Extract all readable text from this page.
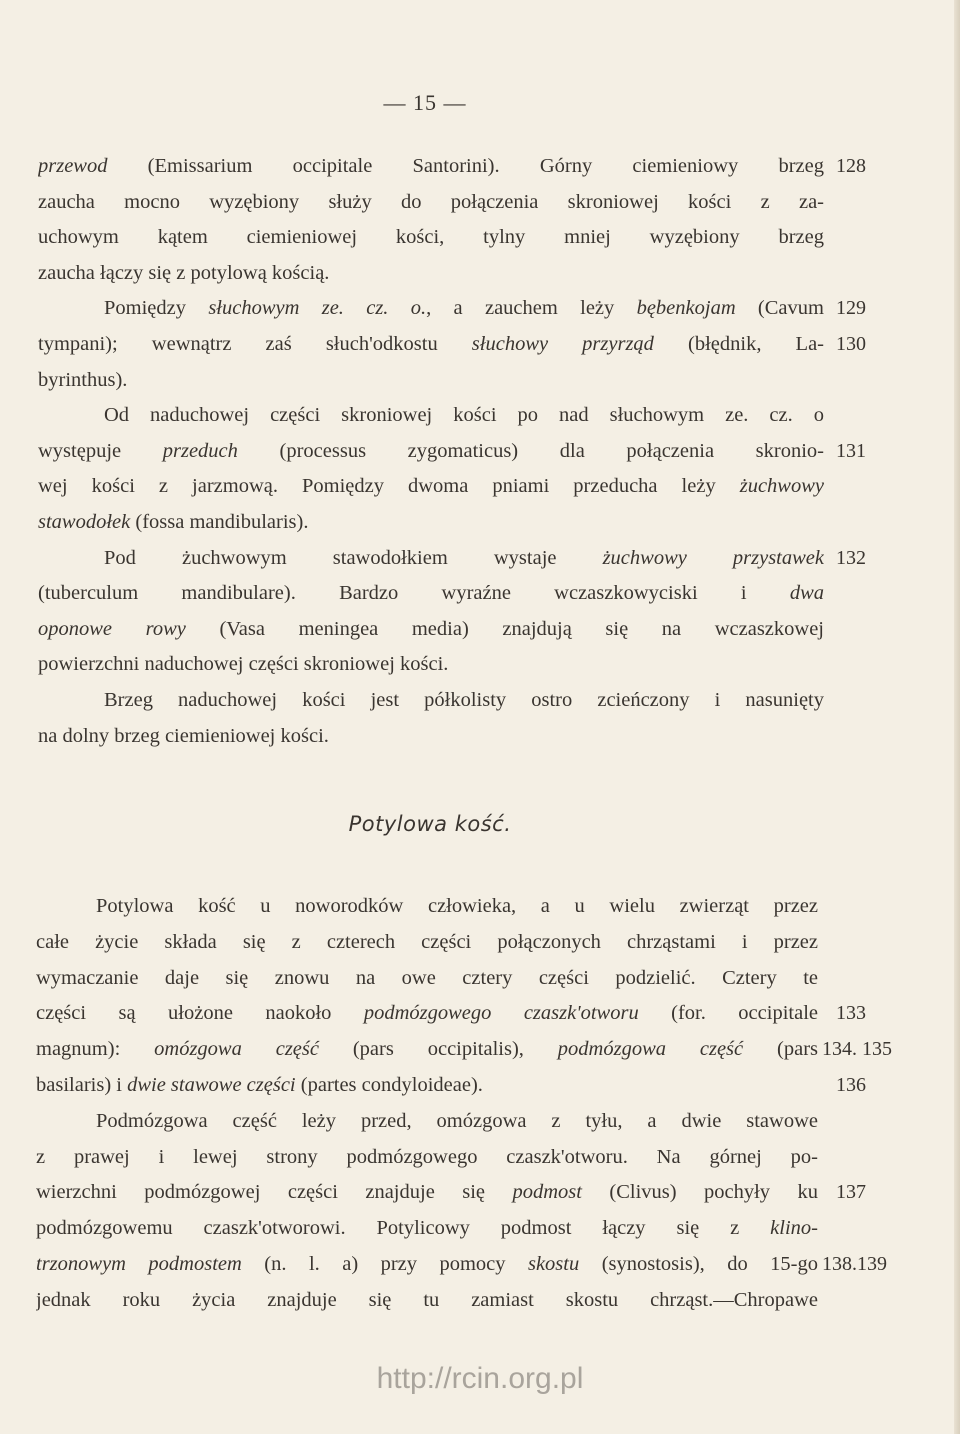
— 15 —
przewod (Emissarium occipitale Santorini). Górny ciemieniowy brzeg 128
zaucha mocno wyzębiony służy do połączenia skroniowej kości z za-
uchowym kątem ciemieniowej kości, tylny mniej wyzębiony brzeg
zaucha łączy się z potylową kością.
Pomiędzy słuchowym ze. cz. o., a zauchem leży bębenkojam (Cavum 129
tympani); wewnątrz zaś słuch'odkostu słuchowy przyrząd (błędnik, La- 130
byrinthus).
Od naduchowej części skroniowej kości po nad słuchowym ze. cz. o
występuje przeduch (processus zygomaticus) dla połączenia skronio- 131
wej kości z jarzmową. Pomiędzy dwoma pniami przeducha leży żuchwowy
stawodołek (fossa mandibularis).
Pod żuchwowym stawodołkiem wystaje żuchwowy przystawek 132
(tuberculum mandibulare). Bardzo wyraźne wczaszkowyciski i dwa
oponowe rowy (Vasa meningea media) znajdują się na wczaszkowej
powierzchni naduchowej części skroniowej kości.
Brzeg naduchowej kości jest półkolisty ostro zcieńczony i nasunięty
na dolny brzeg ciemieniowej kości.
Potylowa kość.
Potylowa kość u noworodków człowieka, a u wielu zwierząt przez
całe życie składa się z czterech części połączonych chrząstami i przez
wymaczanie daje się znowu na owe cztery części podzielić. Cztery te
części są ułożone naokoło podmózgowego czaszk'otworu (for. occipitale 133
magnum): omózgowa część (pars occipitalis), podmózgowa część (pars 134. 135
basilaris) i dwie stawowe części (partes condyloideae).	136
Podmózgowa część leży przed, omózgowa z tyłu, a dwie stawowe
z prawej i lewej strony podmózgowego czaszk'otworu. Na górnej po-
wierzchni podmózgowej części znajduje się podmost (Clivus) pochyły ku 137
podmózgowemu czaszk'otworowi. Potylicowy podmost łączy się z klino-
trzonowym podmostem (n. l. a) przy pomocy skostu (synostosis), do 15-go 138.139
jednak roku życia znajduje się tu zamiast skostu chrząst.—Chropawe
http://rcin.org.pl
